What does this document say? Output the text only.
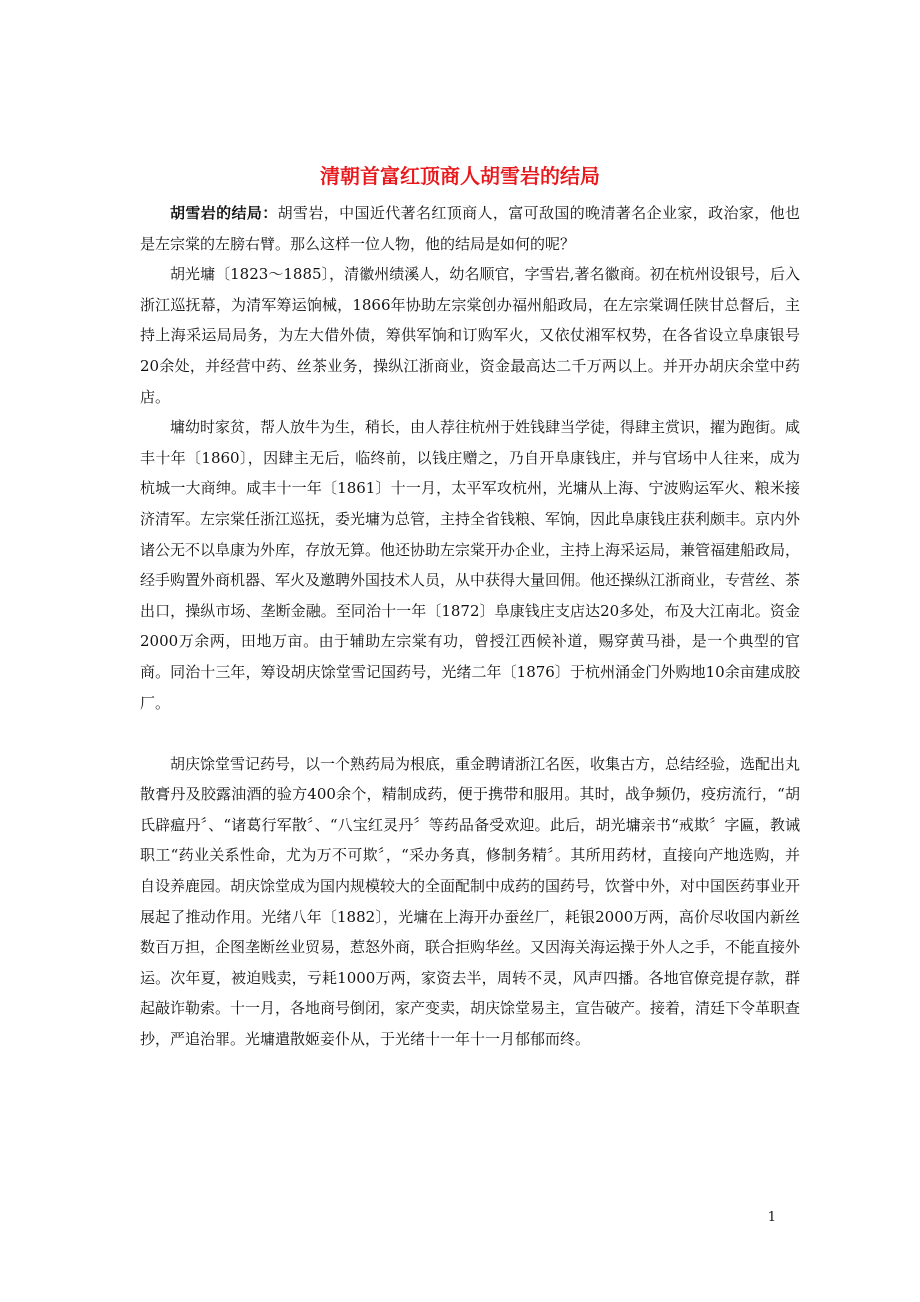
清朝首富红顶商人胡雪岩的结局

胡雪岩的结局：胡雪岩，中国近代著名红顶商人，富可敌国的晚清著名企业家，政治家，他也是左宗棠的左膀右臂。那么这样一位人物，他的结局是如何的呢？

胡光墉〔1823～1885〕，清徽州绩溪人，幼名顺官，字雪岩,著名徽商。初在杭州设银号，后入浙江巡抚幕，为清军筹运饷械，1866年协助左宗棠创办福州船政局，在左宗棠调任陕甘总督后，主持上海采运局局务，为左大借外债，筹供军饷和订购军火，又依仗湘军权势，在各省设立阜康银号20余处，并经营中药、丝茶业务，操纵江浙商业，资金最高达二千万两以上。并开办胡庆余堂中药店。

墉幼时家贫，帮人放牛为生，稍长，由人荐往杭州于姓钱肆当学徒，得肆主赏识，擢为跑街。咸丰十年〔1860〕，因肆主无后，临终前，以钱庄赠之，乃自开阜康钱庄，并与官场中人往来，成为杭城一大商绅。咸丰十一年〔1861〕十一月，太平军攻杭州，光墉从上海、宁波购运军火、粮米接济清军。左宗棠任浙江巡抚，委光墉为总管，主持全省钱粮、军饷，因此阜康钱庄获利颇丰。京内外诸公无不以阜康为外库，存放无算。他还协助左宗棠开办企业，主持上海采运局，兼管福建船政局，经手购置外商机器、军火及邀聘外国技术人员，从中获得大量回佣。他还操纵江浙商业，专营丝、茶出口，操纵市场、垄断金融。至同治十一年〔1872〕阜康钱庄支店达20多处，布及大江南北。资金2000万余两，田地万亩。由于辅助左宗棠有功，曾授江西候补道，赐穿黄马褂，是一个典型的官商。同治十三年，筹设胡庆馀堂雪记国药号，光绪二年〔1876〕于杭州涌金门外购地10余亩建成胶厂。

胡庆馀堂雪记药号，以一个熟药局为根底，重金聘请浙江名医，收集古方，总结经验，选配出丸散膏丹及胶露油酒的验方400余个，精制成药，便于携带和服用。其时，战争频仍，疫疠流行，“胡氏辟瘟丹〞、“诸葛行军散〞、“八宝红灵丹〞等药品备受欢迎。此后，胡光墉亲书“戒欺〞字匾，教诫职工“药业关系性命，尤为万不可欺〞，“采办务真，修制务精〞。其所用药材，直接向产地选购，并自设养鹿园。胡庆馀堂成为国内规模较大的全面配制中成药的国药号，饮誉中外，对中国医药事业开展起了推动作用。光绪八年〔1882〕，光墉在上海开办蚕丝厂，耗银2000万两，高价尽收国内新丝数百万担，企图垄断丝业贸易，惹怒外商，联合拒购华丝。又因海关海运操于外人之手，不能直接外运。次年夏，被迫贱卖，亏耗1000万两，家资去半，周转不灵，风声四播。各地官僚竞提存款，群起敲诈勒索。十一月，各地商号倒闭，家产变卖，胡庆馀堂易主，宣告破产。接着，清廷下令革职查抄，严追治罪。光墉遣散姬妾仆从，于光绪十一年十一月郁郁而终。

1
